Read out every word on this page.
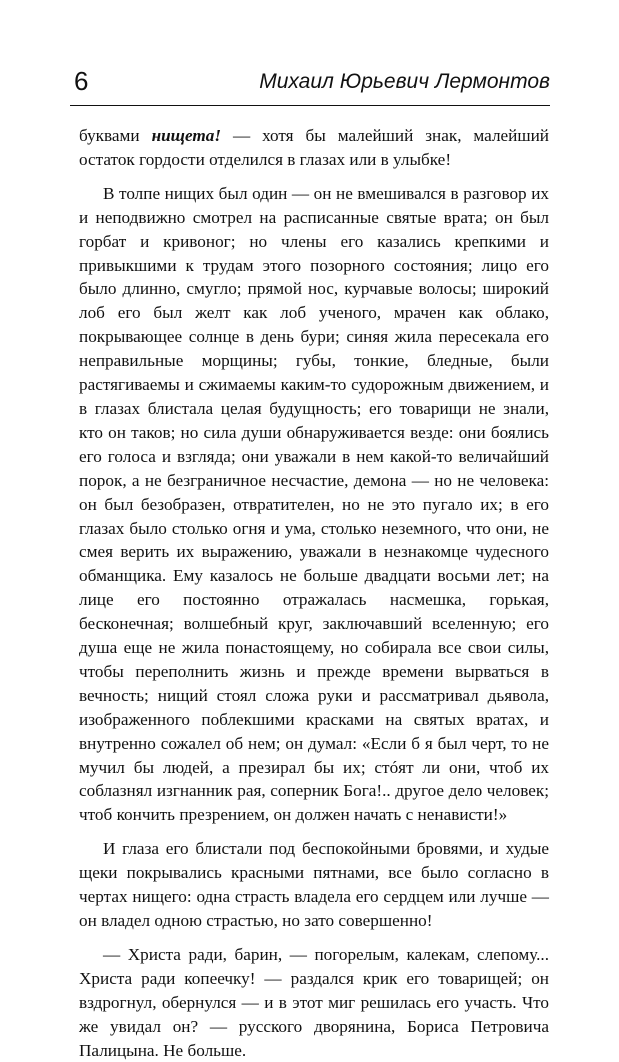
6	Михаил Юрьевич Лермонтов

буквами нищета! — хотя бы малейший знак, малейший остаток гордости отделился в глазах или в улыбке!

В толпе нищих был один — он не вмешивался в разговор их и неподвижно смотрел на расписанные святые врата; он был горбат и кривоног; но члены его казались крепкими и привыкшими к трудам этого позорного состояния; лицо его было длинно, смугло; прямой нос, курчавые волосы; широкий лоб его был желт как лоб ученого, мрачен как облако, покрывающее солнце в день бури; синяя жила пересекала его неправильные морщины; губы, тонкие, бледные, были растягиваемы и сжимаемы каким-то судорожным движением, и в глазах блистала целая будущность; его товарищи не знали, кто он таков; но сила души обнаруживается везде: они боялись его голоса и взгляда; они уважали в нем какой-то величайший порок, а не безграничное несчастие, демона — но не человека: он был безобразен, отвратителен, но не это пугало их; в его глазах было столько огня и ума, столько неземного, что они, не смея верить их выражению, уважали в незнакомце чудесного обманщика. Ему казалось не больше двадцати восьми лет; на лице его постоянно отражалась насмешка, горькая, бесконечная; волшебный круг, заключавший вселенную; его душа еще не жила понастоящему, но собирала все свои силы, чтобы переполнить жизнь и прежде времени вырваться в вечность; нищий стоял сложа руки и рассматривал дьявола, изображенного поблекшими красками на святых вратах, и внутренно сожалел об нем; он думал: «Если б я был черт, то не мучил бы людей, а презирал бы их; стóят ли они, чтоб их соблазнял изгнанник рая, соперник Бога!.. другое дело человек; чтоб кончить презрением, он должен начать с ненависти!»

И глаза его блистали под беспокойными бровями, и худые щеки покрывались красными пятнами, все было согласно в чертах нищего: одна страсть владела его сердцем или лучше — он владел одною страстью, но зато совершенно!

— Христа ради, барин, — погорелым, калекам, слепому... Христа ради копеечку! — раздался крик его товарищей; он вздрогнул, обернулся — и в этот миг решилась его участь. Что же увидал он? — русского дворянина, Бориса Петровича Палицына. Не больше.
